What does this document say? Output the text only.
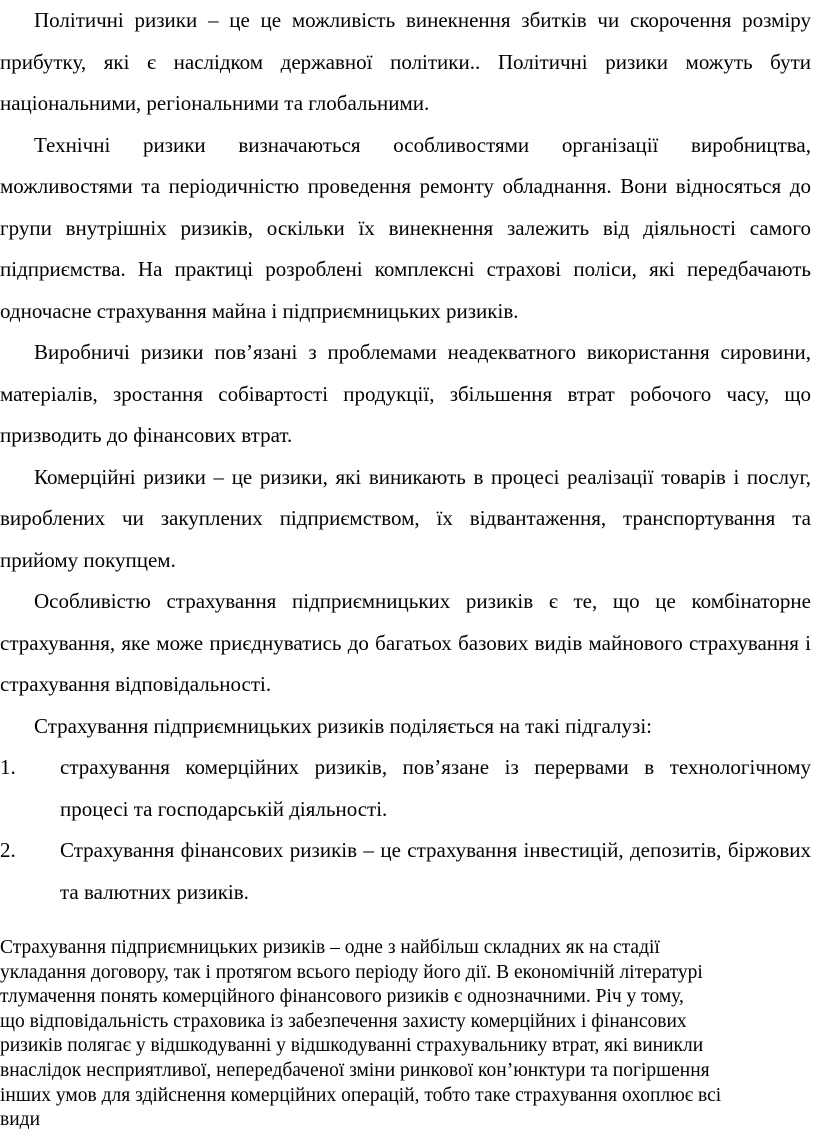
Політичні ризики – це це можливість винекнення збитків чи скорочення розміру прибутку, які є наслідком державної політики.. Політичні ризики можуть бути національними, регіональними та глобальними.

Технічні ризики визначаються особливостями організації виробництва, можливостями та періодичністю проведення ремонту обладнання. Вони відносяться до групи внутрішніх ризиків, оскільки їх винекнення залежить від діяльності самого підприємства. На практиці розроблені комплексні страхові поліси, які передбачають одночасне страхування майна і підприємницьких ризиків.

Виробничі ризики пов’язані з проблемами неадекватного використання сировини, матеріалів, зростання собівартості продукції, збільшення втрат робочого часу, що призводить до фінансових втрат.

Комерційні ризики – це ризики, які виникають в процесі реалізації товарів і послуг, вироблених чи закуплених підприємством, їх відвантаження, транспортування та прийому покупцем.

Особливістю страхування підприємницьких ризиків є те, що це комбінаторне страхування, яке може приєднуватись до багатьох базових видів майнового страхування і страхування відповідальності.

Страхування підприємницьких ризиків поділяється на такі підгалузі:

1.	страхування комерційних ризиків, пов’язане із перервами в технологічному процесі та господарській діяльності.
2.	Страхування фінансових ризиків – це страхування інвестицій, депозитів, біржових та валютних ризиків.
Страхування підприємницьких ризиків – одне з найбільш складних як на стадії
укладання договору, так і протягом всього періоду його дії. В економічній літературі
тлумачення понять комерційного фінансового ризиків є однозначними. Річ у тому,
що відповідальність страховика із забезпечення захисту комерційних і фінансових
ризиків полягає у відшкодуванні у відшкодуванні страхувальнику втрат, які виникли
внаслідок несприятливої, непередбаченої зміни ринкової кон’юнктури та погіршення
інших умов для здійснення комерційних операцій, тобто таке страхування охоплює всі
види
